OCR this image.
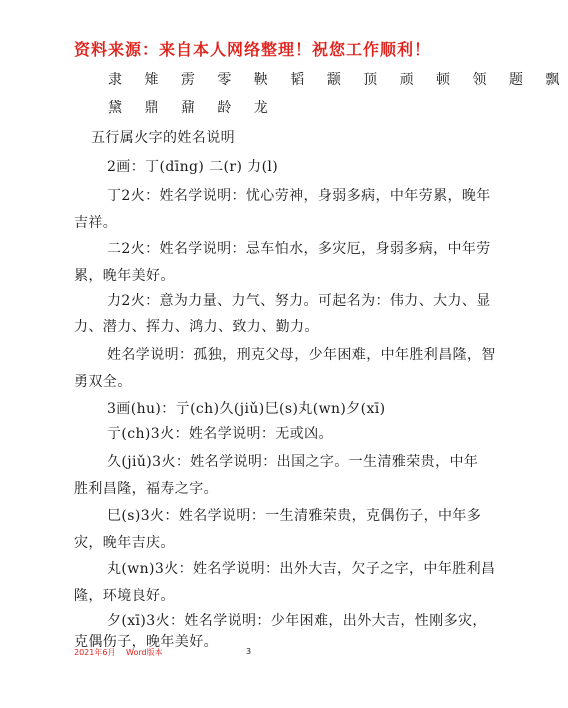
资料来源：来自本人网络整理！祝您工作顺利！
隶 雉 雳 零 鞅 韬 颥 顶 顽 顿 领 题 飘
黛 鼎 鼐 龄 龙
五行属火字的姓名说明
2画：丁(dīng) 二(r) 力(l)
丁2火：姓名学说明：忧心劳神，身弱多病，中年劳累，晚年
吉祥。
二2火：姓名学说明：忌车怕水，多灾厄，身弱多病，中年劳
累，晚年美好。
力2火：意为力量、力气、努力。可起名为：伟力、大力、显
力、潜力、挥力、鸿力、致力、勤力。
姓名学说明：孤独，刑克父母，少年困难，中年胜利昌隆，智
勇双全。
3画(hu)：亍(ch)久(jiǔ)巳(s)丸(wn)夕(xī)
亍(ch)3火：姓名学说明：无或凶。
久(jiǔ)3火：姓名学说明：出国之字。一生清雅荣贵，中年
胜利昌隆，福寿之字。
巳(s)3火：姓名学说明：一生清雅荣贵，克偶伤子，中年多
灾，晚年吉庆。
丸(wn)3火：姓名学说明：出外大吉，欠子之字，中年胜利昌
隆，环境良好。
2021年6月 Word版本	3
夕(xī)3火：姓名学说明：少年困难，出外大吉，性刚多灾，
克偶伤子，晚年美好。
